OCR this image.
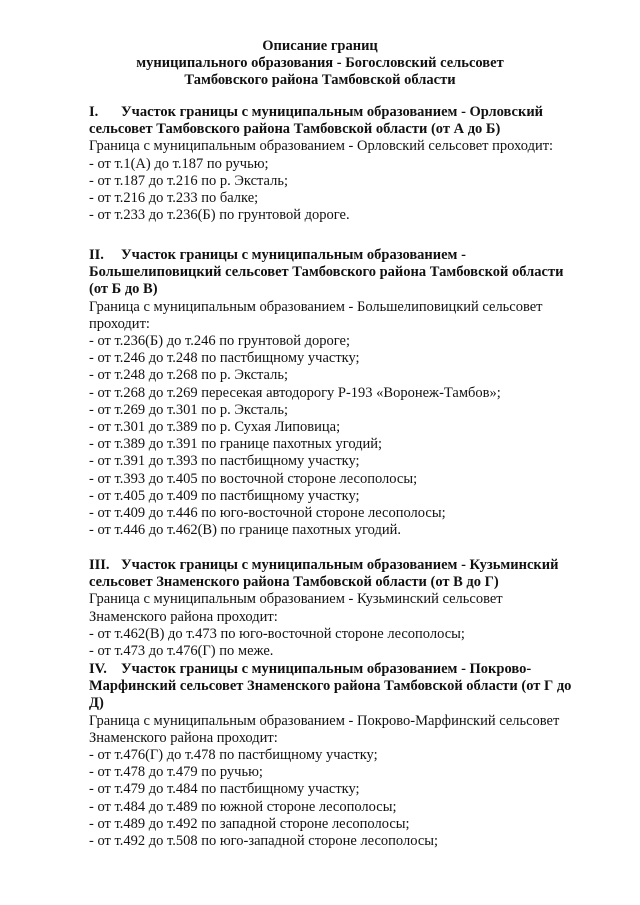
Описание границ
муниципального образования - Богословский сельсовет
Тамбовского района Тамбовской области
I. Участок границы с муниципальным образованием - Орловский
сельсовет Тамбовского района Тамбовской области (от А до Б)
Граница с муниципальным образованием - Орловский сельсовет проходит:
- от т.1(А) до т.187 по ручью;
- от т.187 до т.216 по р. Эксталь;
- от т.216 до т.233 по балке;
- от т.233 до т.236(Б) по грунтовой дороге.
II. Участок границы с муниципальным образованием -
Большелиповицкий сельсовет Тамбовского района Тамбовской области
(от Б до В)
Граница с муниципальным образованием - Большелиповицкий сельсовет
проходит:
- от т.236(Б) до т.246 по грунтовой дороге;
- от т.246 до т.248 по пастбищному участку;
- от т.248 до т.268 по р. Эксталь;
- от т.268 до т.269 пересекая автодорогу Р-193 «Воронеж-Тамбов»;
- от т.269 до т.301 по р. Эксталь;
- от т.301 до т.389 по р. Сухая Липовица;
- от т.389 до т.391 по границе пахотных угодий;
- от т.391 до т.393 по пастбищному участку;
- от т.393 до т.405 по восточной стороне лесополосы;
- от т.405 до т.409 по пастбищному участку;
- от т.409 до т.446 по юго-восточной стороне лесополосы;
- от т.446 до т.462(В) по границе пахотных угодий.
III. Участок границы с муниципальным образованием - Кузьминский
сельсовет Знаменского района Тамбовской области (от В до Г)
Граница с муниципальным образованием - Кузьминский сельсовет
Знаменского района проходит:
- от т.462(В) до т.473 по юго-восточной стороне лесополосы;
- от т.473 до т.476(Г) по меже.
IV. Участок границы с муниципальным образованием - Покрово-
Марфинский сельсовет Знаменского района Тамбовской области (от Г до
Д)
Граница с муниципальным образованием - Покрово-Марфинский сельсовет
Знаменского района проходит:
- от т.476(Г) до т.478 по пастбищному участку;
- от т.478 до т.479 по ручью;
- от т.479 до т.484 по пастбищному участку;
- от т.484 до т.489 по южной стороне лесополосы;
- от т.489 до т.492 по западной стороне лесополосы;
- от т.492 до т.508 по юго-западной стороне лесополосы;
